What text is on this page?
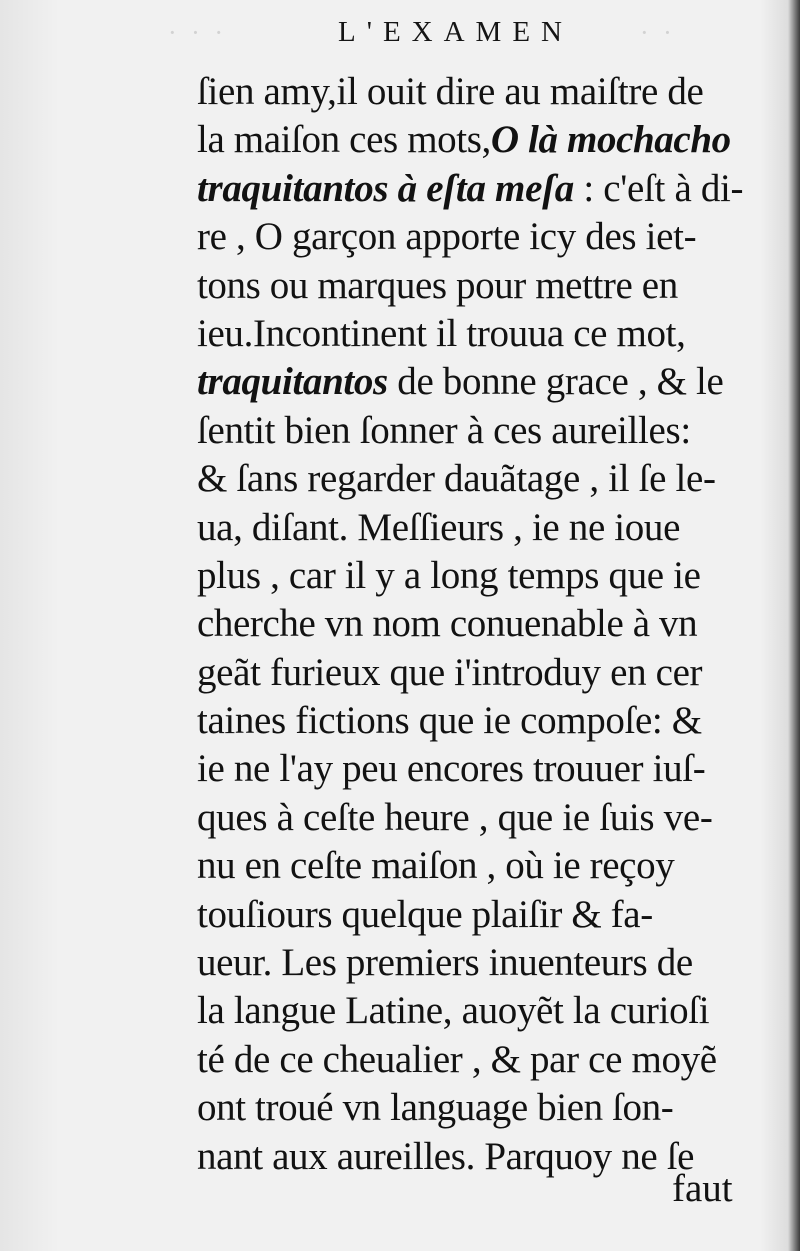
· · ·	· ·
L'EXAMEN
ſien amy,il ouit dire au maiſtre de
la maiſon ces mots,O là mochacho
traquitantos à eſta meſa : c'eſt à di-
re , O garçon apporte icy des iet-
tons ou marques pour mettre en
ieu.Incontinent il trouua ce mot,
traquitantos de bonne grace , & le
ſentit bien ſonner à ces aureilles:
& ſans regarder dauãtage , il ſe le-
ua, diſant. Meſſieurs , ie ne ioue
plus , car il y a long temps que ie
cherche vn nom conuenable à vn
geãt furieux que i'introduy en cer
taines fictions que ie compoſe: &
ie ne l'ay peu encores trouuer iuſ-
ques à ceſte heure , que ie ſuis ve-
nu en ceſte maiſon , où ie reçoy
touſiours quelque plaiſir & fa-
ueur. Les premiers inuenteurs de
la langue Latine, auoyẽt la curioſi
té de ce cheualier , & par ce moyẽ
ont troué vn language bien ſon-
nant aux aureilles. Parquoy ne ſe
faut
